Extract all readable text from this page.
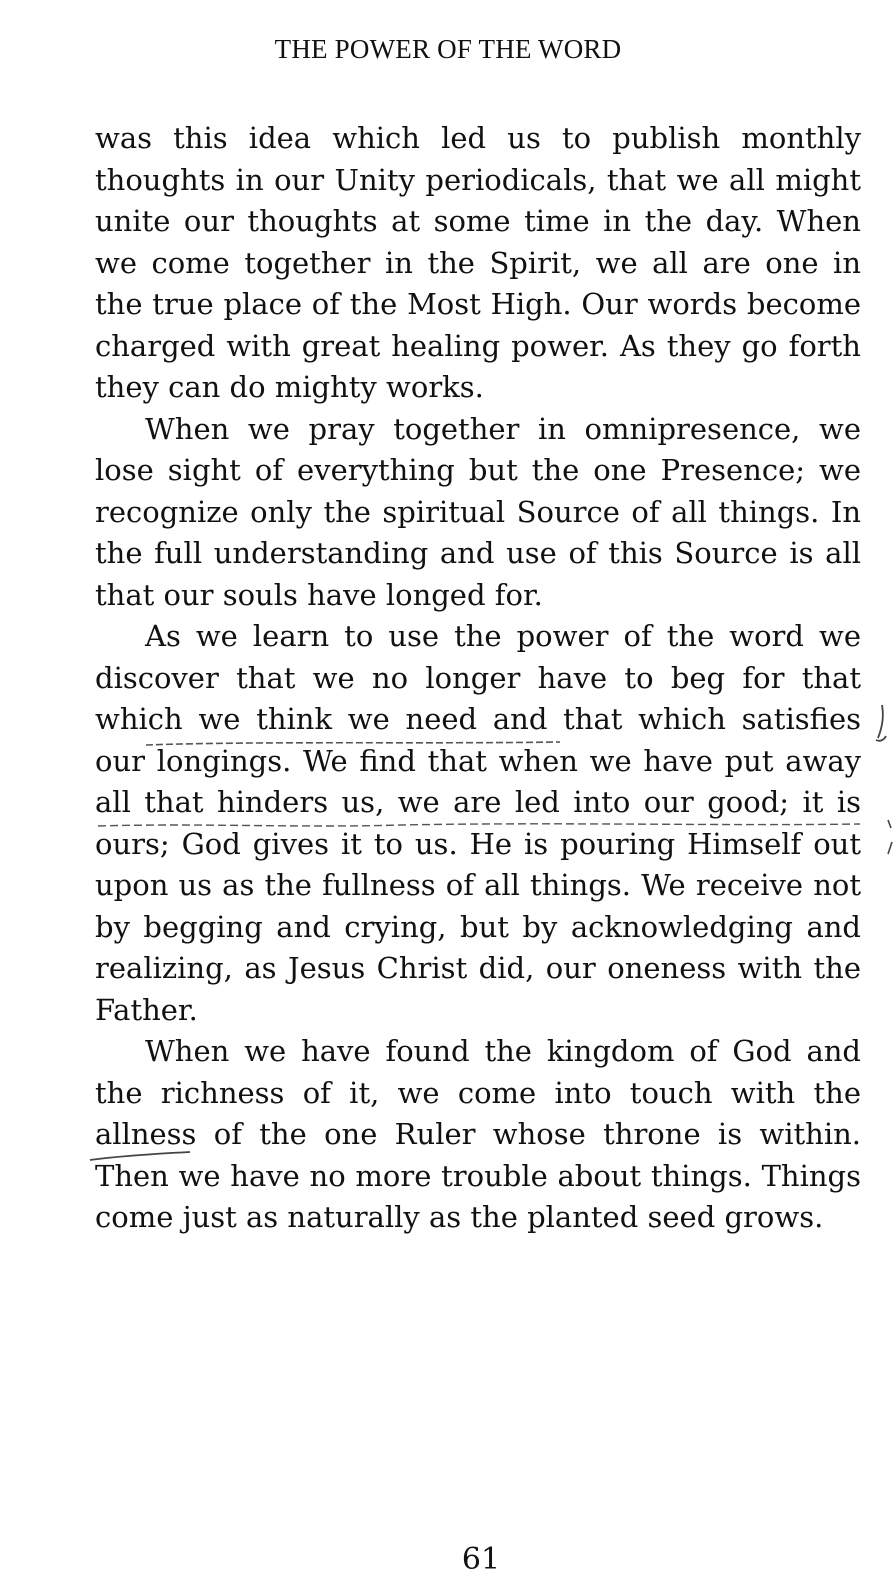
THE POWER OF THE WORD

was this idea which led us to publish monthly thoughts in our Unity periodicals, that we all might unite our thoughts at some time in the day. When we come together in the Spirit, we all are one in the true place of the Most High. Our words become charged with great healing power. As they go forth they can do mighty works.

When we pray together in omnipresence, we lose sight of everything but the one Presence; we recognize only the spiritual Source of all things. In the full understanding and use of this Source is all that our souls have longed for.

As we learn to use the power of the word we discover that we no longer have to beg for that which we think we need and that which satisfies our longings. We find that when we have put away all that hinders us, we are led into our good; it is ours; God gives it to us. He is pouring Himself out upon us as the fullness of all things. We receive not by begging and crying, but by acknowledging and realizing, as Jesus Christ did, our oneness with the Father.

When we have found the kingdom of God and the richness of it, we come into touch with the allness of the one Ruler whose throne is within. Then we have no more trouble about things. Things come just as naturally as the planted seed grows.

61
